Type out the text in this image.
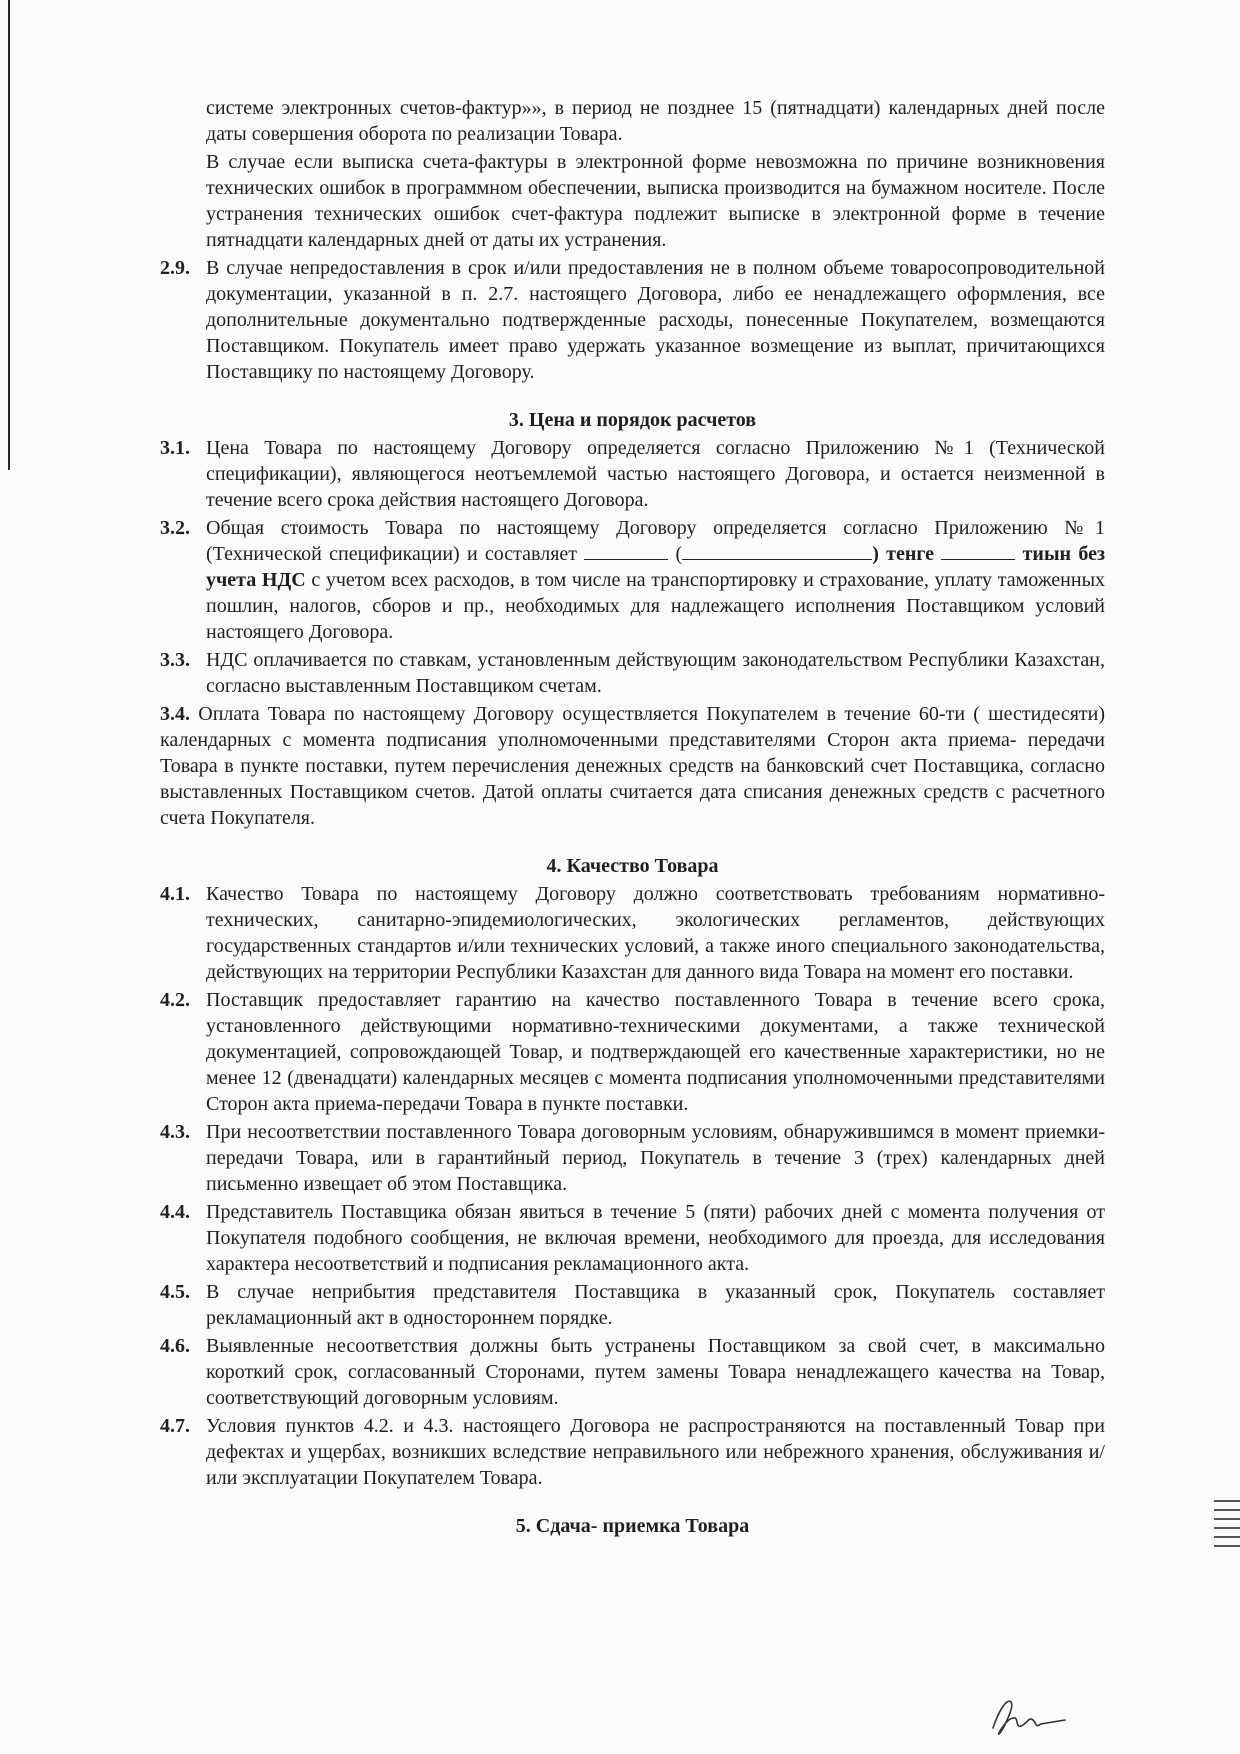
системе электронных счетов-фактур»», в период не позднее 15 (пятнадцати) календарных дней после даты совершения оборота по реализации Товара.

В случае если выписка счета-фактуры в электронной форме невозможна по причине возникновения технических ошибок в программном обеспечении, выписка производится на бумажном носителе. После устранения технических ошибок счет-фактура подлежит выписке в электронной форме в течение пятнадцати календарных дней от даты их устранения.

2.9. В случае непредоставления в срок и/или предоставления не в полном объеме товаросопроводительной документации, указанной в п. 2.7. настоящего Договора, либо ее ненадлежащего оформления, все дополнительные документально подтвержденные расходы, понесенные Покупателем, возмещаются Поставщиком. Покупатель имеет право удержать указанное возмещение из выплат, причитающихся Поставщику по настоящему Договору.
3. Цена и порядок расчетов
3.1. Цена Товара по настоящему Договору определяется согласно Приложению №1 (Технической спецификации), являющегося неотъемлемой частью настоящего Договора, и остается неизменной в течение всего срока действия настоящего Договора.
3.2. Общая стоимость Товара по настоящему Договору определяется согласно Приложению №1 (Технической спецификации) и составляет	(	) тенге	тиын без учета НДС с учетом всех расходов, в том числе на транспортировку и страхование, уплату таможенных пошлин, налогов, сборов и пр., необходимых для надлежащего исполнения Поставщиком условий настоящего Договора.
3.3. НДС оплачивается по ставкам, установленным действующим законодательством Республики Казахстан, согласно выставленным Поставщиком счетам.

3.4. Оплата Товара по настоящему Договору осуществляется Покупателем в течение 60-ти ( шестидесяти) календарных с момента подписания уполномоченными представителями Сторон акта приема- передачи Товара в пункте поставки, путем перечисления денежных средств на банковский счет Поставщика, согласно выставленных Поставщиком счетов. Датой оплаты считается дата списания денежных средств с расчетного счета Покупателя.

4. Качество Товара
4.1. Качество Товара по настоящему Договору должно соответствовать требованиям нормативно-технических, санитарно-эпидемиологических, экологических регламентов, действующих государственных стандартов и/или технических условий, а также иного специального законодательства, действующих на территории Республики Казахстан для данного вида Товара на момент его поставки.
4.2. Поставщик предоставляет гарантию на качество поставленного Товара в течение всего срока, установленного действующими нормативно-техническими документами, а также технической документацией, сопровождающей Товар, и подтверждающей его качественные характеристики, но не менее 12 (двенадцати) календарных месяцев с момента подписания уполномоченными представителями Сторон акта приема-передачи Товара в пункте поставки.
4.3. При несоответствии поставленного Товара договорным условиям, обнаружившимся в момент приемки-передачи Товара, или в гарантийный период, Покупатель в течение 3 (трех) календарных дней письменно извещает об этом Поставщика.
4.4. Представитель Поставщика обязан явиться в течение 5 (пяти) рабочих дней с момента получения от Покупателя подобного сообщения, не включая времени, необходимого для проезда, для исследования характера несоответствий и подписания рекламационного акта.
4.5. В случае неприбытия представителя Поставщика в указанный срок, Покупатель составляет рекламационный акт в одностороннем порядке.
4.6. Выявленные несоответствия должны быть устранены Поставщиком за свой счет, в максимально короткий срок, согласованный Сторонами, путем замены Товара ненадлежащего качества на Товар, соответствующий договорным условиям.
4.7. Условия пунктов 4.2. и 4.3. настоящего Договора не распространяются на поставленный Товар при дефектах и ущербах, возникших вследствие неправильного или небрежного хранения, обслуживания и/или эксплуатации Покупателем Товара.
5. Сдача- приемка Товара
